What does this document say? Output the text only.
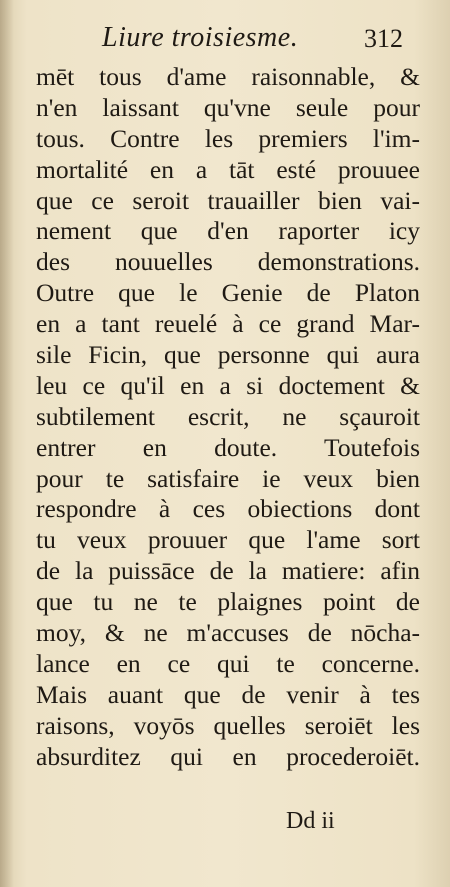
Liure troisiesme.	312
mēt tous d'ame raisonnable, &
n'en laissant qu'vne seule pour
tous. Contre les premiers l'im-
mortalité en a tāt esté prouuee
que ce seroit trauailler bien vai-
nement que d'en raporter icy
des nouuelles demonstrations.
Outre que le Genie de Platon
en a tant reuelé à ce grand Mar-
sile Ficin, que personne qui aura
leu ce qu'il en a si doctement &
subtilement escrit, ne sçauroit
entrer en doute. Toutefois
pour te satisfaire ie veux bien
respondre à ces obiections dont
tu veux prouuer que l'ame sort
de la puissāce de la matiere: afin
que tu ne te plaignes point de
moy, & ne m'accuses de nōcha-
lance en ce qui te concerne.
Mais auant que de venir à tes
raisons, voyōs quelles seroiēt les
absurditez qui en procederoiēt.
Dd ii
